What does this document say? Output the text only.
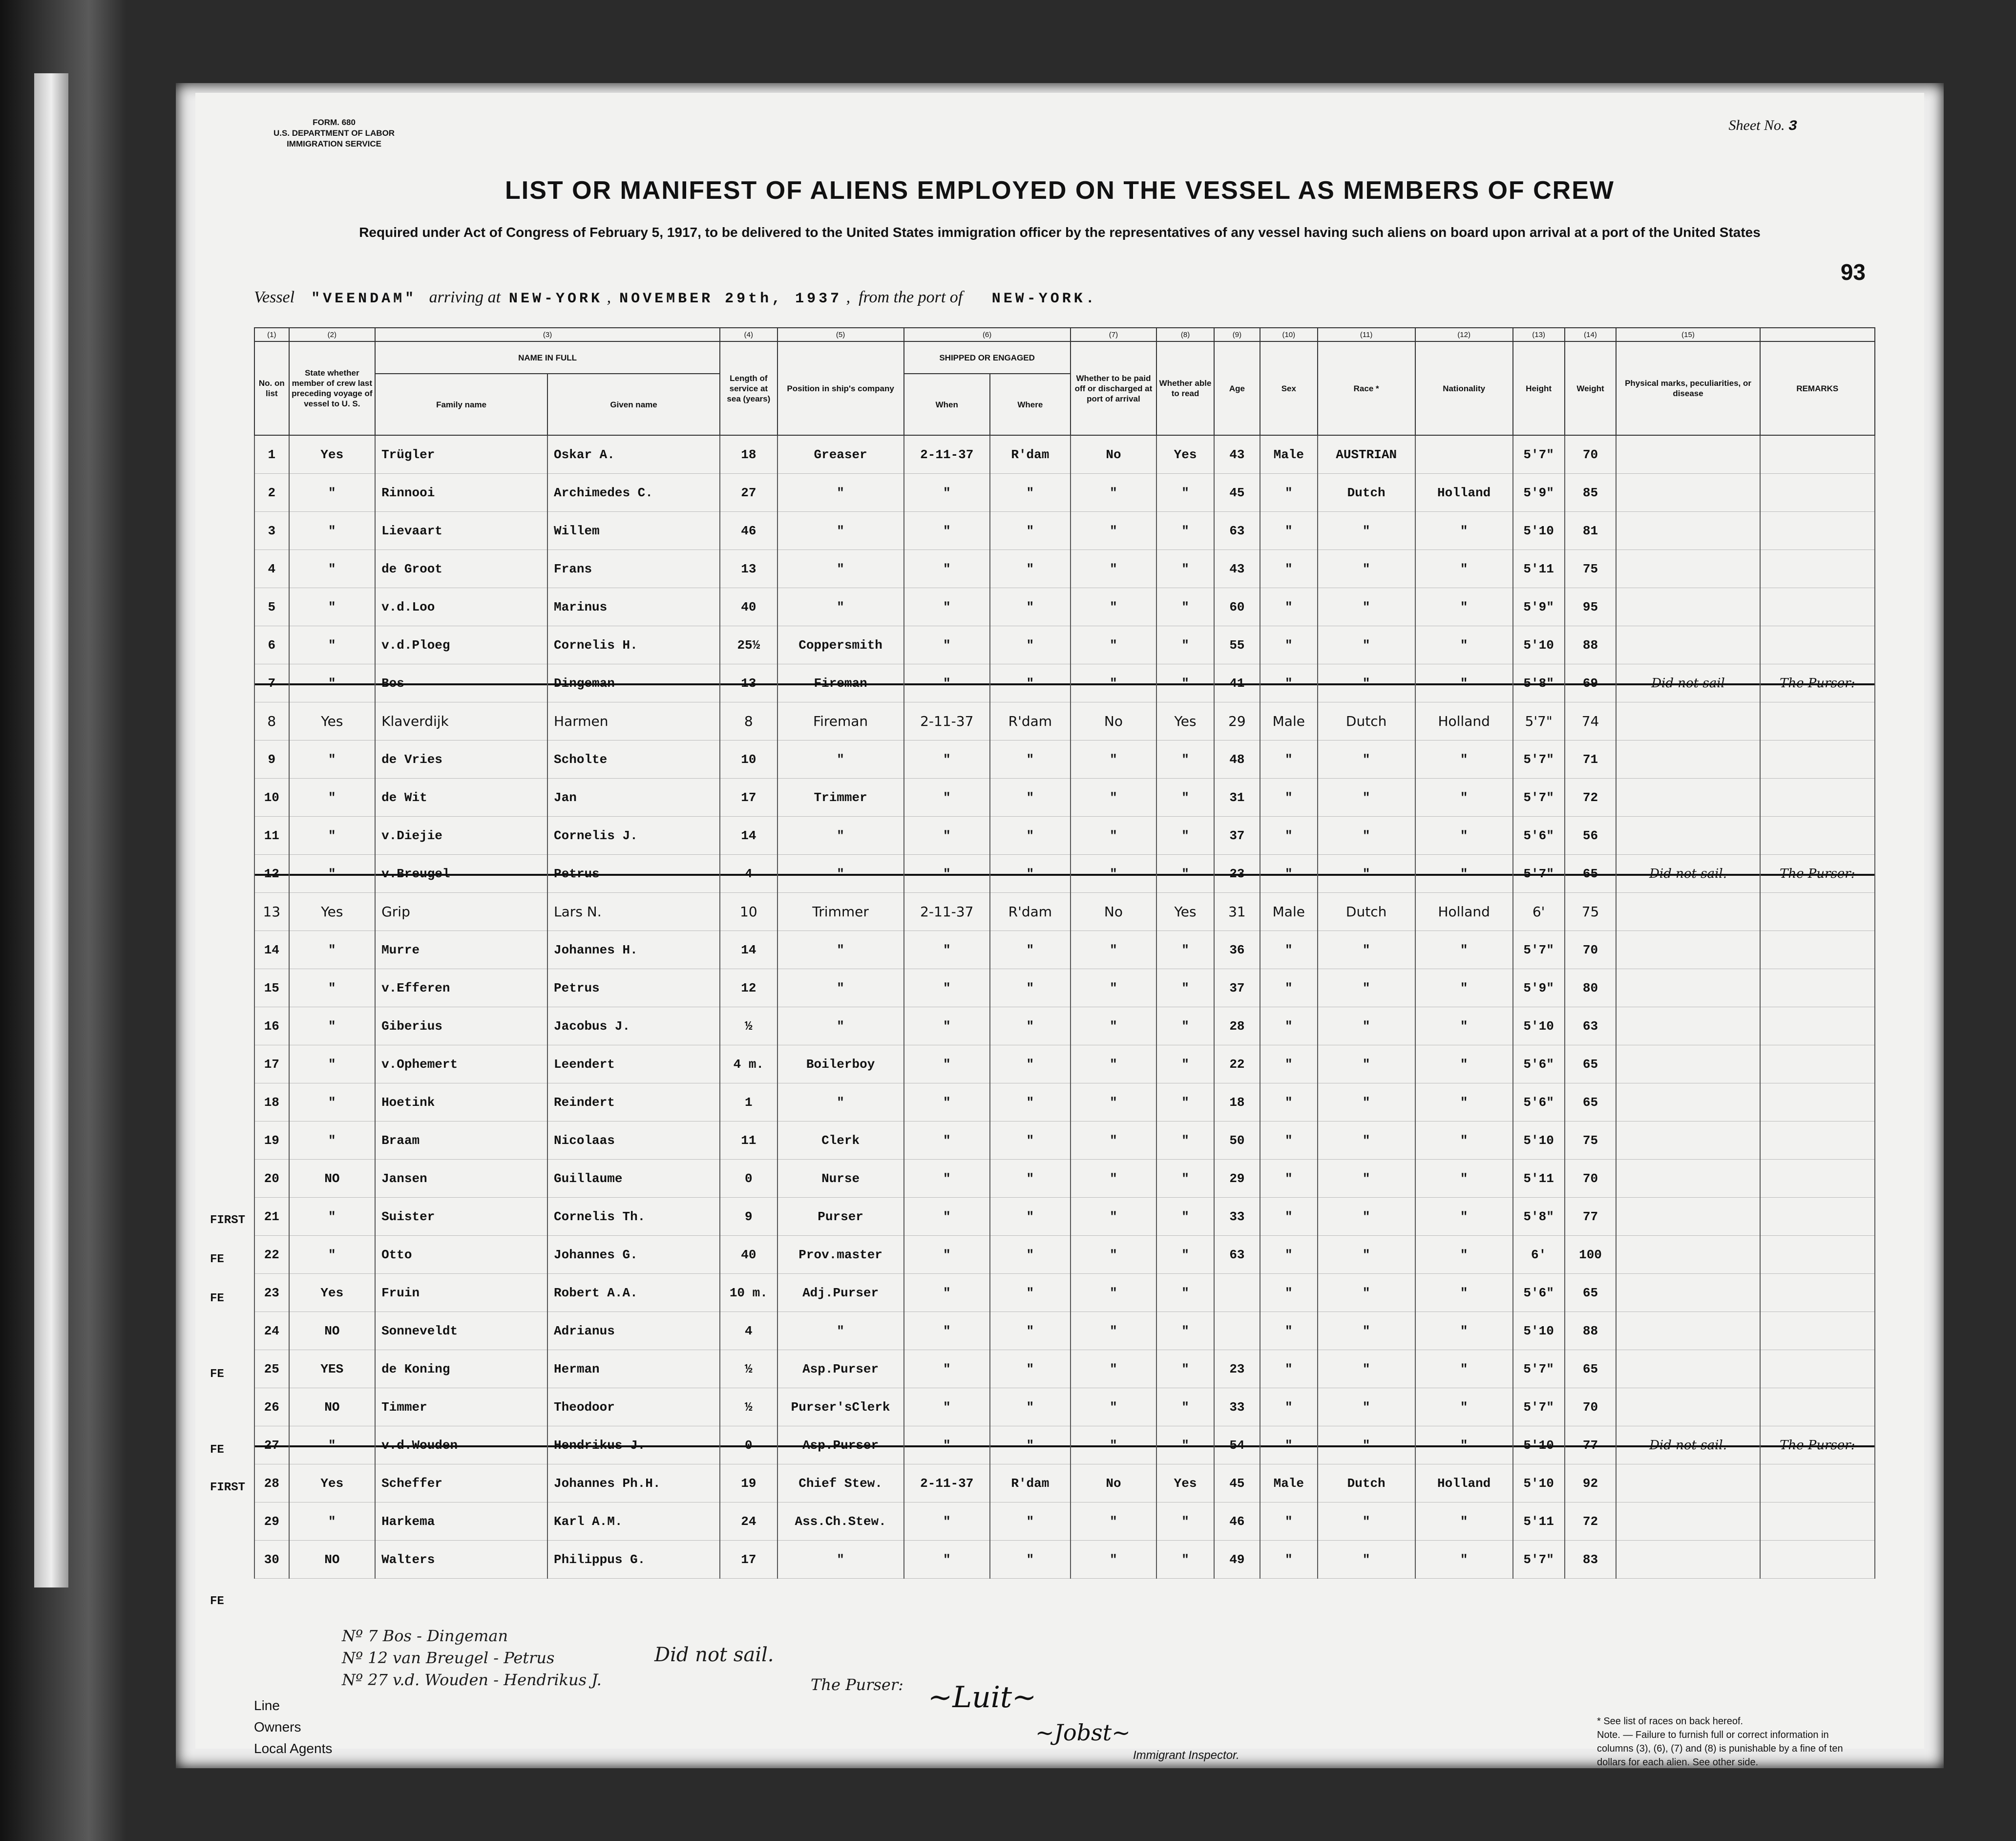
FORM. 680
U.S. DEPARTMENT OF LABOR
IMMIGRATION SERVICE
Sheet No. 3
LIST OR MANIFEST OF ALIENS EMPLOYED ON THE VESSEL AS MEMBERS OF CREW
Required under Act of Congress of February 5, 1917, to be delivered to the United States immigration officer by the representatives of any vessel having such aliens on board upon arrival at a port of the United States
93
Vessel "VEENDAM" arriving at NEW-YORK ,  NOVEMBER 29th, 1937 ,  from the port of NEW-YORK.
(1)	(2)	(3)		(4)	(5)	(6)		(7)	(8)	(9)	(10)	(11)	(12)	(13)	(14)	(15)	
No. on list	State whether member of crew last preceding voyage of vessel to U. S.	NAME IN FULL		Length of service at sea (years)	Position in ship's company	SHIPPED OR ENGAGED		Whether to be paid off or discharged at port of arrival	Whether able to read	Age	Sex	Race *	Nationality	Height	Weight	Physical marks, peculiarities, or disease	REMARKS
		Family name	Given name			When	Where										
1	Yes	Trügler	Oskar A.	18	Greaser	2-11-37	R'dam	No	Yes	43	Male	AUSTRIAN		5'7"	70		
2	"	Rinnooi	Archimedes C.	27	"	"	"	"	"	45	"	Dutch	Holland	5'9"	85		
3	"	Lievaart	Willem	46	"	"	"	"	"	63	"	"	"	5'10	81		
4	"	de Groot	Frans	13	"	"	"	"	"	43	"	"	"	5'11	75		
5	"	v.d.Loo	Marinus	40	"	"	"	"	"	60	"	"	"	5'9"	95		
6	"	v.d.Ploeg	Cornelis H.	25½	Coppersmith	"	"	"	"	55	"	"	"	5'10	88		
7	"	Bos	Dingeman	13	Fireman	"	"	"	"	41	"	"	"	5'8"	69	Did not sail	The Purser:
8	Yes	Klaverdijk	Harmen	8	Fireman	2-11-37	R'dam	No	Yes	29	Male	Dutch	Holland	5'7"	74		
9	"	de Vries	Scholte	10	"	"	"	"	"	48	"	"	"	5'7"	71		
10	"	de Wit	Jan	17	Trimmer	"	"	"	"	31	"	"	"	5'7"	72		
11	"	v.Diejie	Cornelis J.	14	"	"	"	"	"	37	"	"	"	5'6"	56		
12	"	v.Breugel	Petrus	4	"	"	"	"	"	23	"	"	"	5'7"	65	Did not sail.	The Purser:
13	Yes	Grip	Lars N.	10	Trimmer	2-11-37	R'dam	No	Yes	31	Male	Dutch	Holland	6'	75		
14	"	Murre	Johannes H.	14	"	"	"	"	"	36	"	"	"	5'7"	70		
15	"	v.Efferen	Petrus	12	"	"	"	"	"	37	"	"	"	5'9"	80		
16	"	Giberius	Jacobus J.	½	"	"	"	"	"	28	"	"	"	5'10	63		
17	"	v.Ophemert	Leendert	4 m.	Boilerboy	"	"	"	"	22	"	"	"	5'6"	65		
18	"	Hoetink	Reindert	1	"	"	"	"	"	18	"	"	"	5'6"	65		
19	"	Braam	Nicolaas	11	Clerk	"	"	"	"	50	"	"	"	5'10	75		
20	NO	Jansen	Guillaume	0	Nurse	"	"	"	"	29	"	"	"	5'11	70		
21	"	Suister	Cornelis Th.	9	Purser	"	"	"	"	33	"	"	"	5'8"	77		
22	"	Otto	Johannes G.	40	Prov.master	"	"	"	"	63	"	"	"	6'	100		
23	Yes	Fruin	Robert A.A.	10 m.	Adj.Purser	"	"	"	"		"	"	"	5'6"	65		
24	NO	Sonneveldt	Adrianus	4	"	"	"	"	"		"	"	"	5'10	88		
25	YES	de Koning	Herman	½	Asp.Purser	"	"	"	"	23	"	"	"	5'7"	65		
26	NO	Timmer	Theodoor	½	Purser'sClerk	"	"	"	"	33	"	"	"	5'7"	70		
27	"	v.d.Wouden	Hendrikus J.	0	Asp.Purser	"	"	"	"	54	"	"	"	5'10	77	Did not sail.	The Purser:
28	Yes	Scheffer	Johannes Ph.H.	19	Chief Stew.	2-11-37	R'dam	No	Yes	45	Male	Dutch	Holland	5'10	92		
29	"	Harkema	Karl A.M.	24	Ass.Ch.Stew.	"	"	"	"	46	"	"	"	5'11	72		
30	NO	Walters	Philippus G.	17	"	"	"	"	"	49	"	"	"	5'7"	83		
FIRST
FE
FE
FE
FE
FIRST
FE
Nº 7 Bos - Dingeman
Nº 12 van Breugel - Petrus
Nº 27 v.d. Wouden - Hendrikus J.
Did not sail.
The Purser: ~Luit~
~Jobst~
Line
Owners
Local Agents	Immigrant Inspector.
* See list of races on back hereof.
Note. — Failure to furnish full or correct information in columns (3), (6), (7) and (8) is punishable by a fine of ten dollars for each alien. See other side.
